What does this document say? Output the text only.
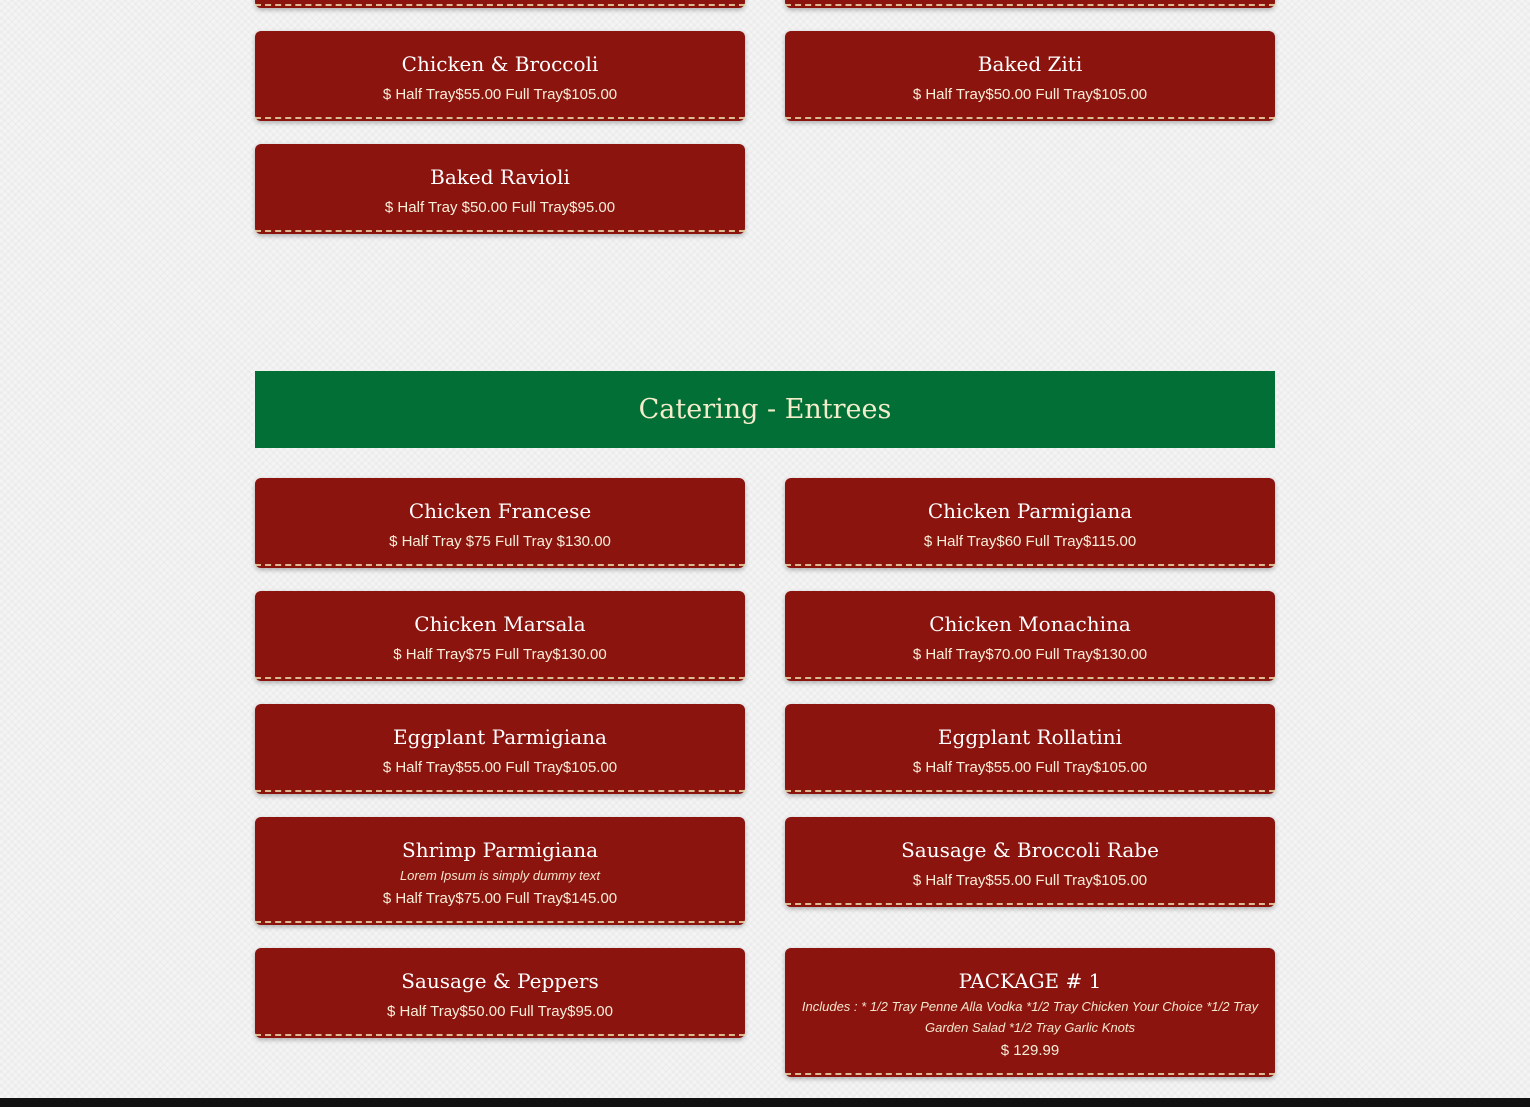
Chicken & Broccoli

$ Half Tray$55.00 Full Tray$105.00

Baked Ziti

$ Half Tray$50.00 Full Tray$105.00

Baked Ravioli

$ Half Tray $50.00 Full Tray$95.00

Catering - Entrees
Chicken Francese

$ Half Tray $75 Full Tray $130.00

Chicken Parmigiana

$ Half Tray$60 Full Tray$115.00

Chicken Marsala

$ Half Tray$75 Full Tray$130.00

Chicken Monachina

$ Half Tray$70.00 Full Tray$130.00

Eggplant Parmigiana

$ Half Tray$55.00 Full Tray$105.00

Eggplant Rollatini

$ Half Tray$55.00 Full Tray$105.00

Shrimp Parmigiana

Lorem Ipsum is simply dummy text

$ Half Tray$75.00 Full Tray$145.00

Sausage & Broccoli Rabe

$ Half Tray$55.00 Full Tray$105.00

Sausage & Peppers

$ Half Tray$50.00 Full Tray$95.00

PACKAGE # 1

Includes : * 1/2 Tray Penne Alla Vodka *1/2 Tray Chicken Your Choice *1/2 Tray Garden Salad *1/2 Tray Garlic Knots

$ 129.99
